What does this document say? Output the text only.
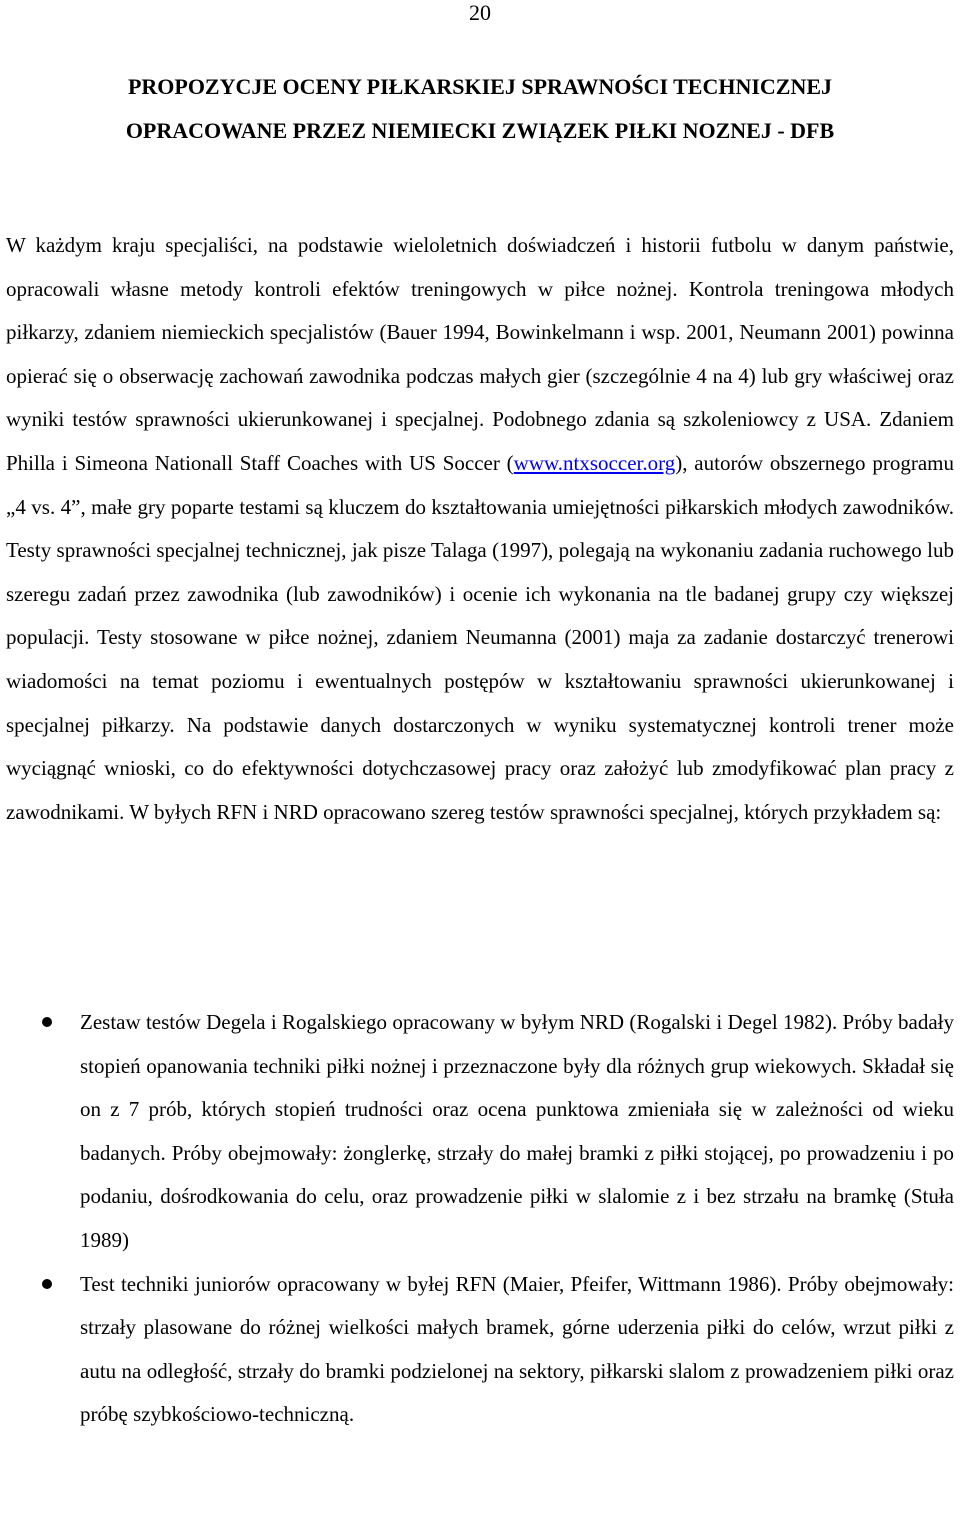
20
PROPOZYCJE OCENY PIŁKARSKIEJ SPRAWNOŚCI TECHNICZNEJ
OPRACOWANE PRZEZ NIEMIECKI ZWIĄZEK PIŁKI NOZNEJ - DFB

W każdym kraju specjaliści, na podstawie wieloletnich doświadczeń i historii futbolu w danym państwie, opracowali własne metody kontroli efektów treningowych w piłce nożnej. Kontrola treningowa młodych piłkarzy, zdaniem niemieckich specjalistów (Bauer 1994, Bowinkelmann i wsp. 2001, Neumann 2001) powinna opierać się o obserwację zachowań zawodnika podczas małych gier (szczególnie 4 na 4) lub gry właściwej oraz wyniki testów sprawności ukierunkowanej i specjalnej. Podobnego zdania są szkoleniowcy z USA. Zdaniem Philla i Simeona Nationall Staff Coaches with US Soccer (www.ntxsoccer.org), autorów obszernego programu „4 vs. 4”, małe gry poparte testami są kluczem do kształtowania umiejętności piłkarskich młodych zawodników. Testy sprawności specjalnej technicznej, jak pisze Talaga (1997), polegają na wykonaniu zadania ruchowego lub szeregu zadań przez zawodnika (lub zawodników) i ocenie ich wykonania na tle badanej grupy czy większej populacji. Testy stosowane w piłce nożnej, zdaniem Neumanna (2001) maja za zadanie dostarczyć trenerowi wiadomości na temat poziomu i ewentualnych postępów w kształtowaniu sprawności ukierunkowanej i specjalnej piłkarzy. Na podstawie danych dostarczonych w wyniku systematycznej kontroli trener może wyciągnąć wnioski, co do efektywności dotychczasowej pracy oraz założyć lub zmodyfikować plan pracy z zawodnikami. W byłych RFN i NRD opracowano szereg testów sprawności specjalnej, których przykładem są:

Zestaw testów Degela i Rogalskiego opracowany w byłym NRD (Rogalski i Degel 1982). Próby badały stopień opanowania techniki piłki nożnej i przeznaczone były dla różnych grup wiekowych. Składał się on z 7 prób, których stopień trudności oraz ocena punktowa zmieniała się w zależności od wieku badanych. Próby obejmowały: żonglerkę, strzały do małej bramki z piłki stojącej, po prowadzeniu i po podaniu, dośrodkowania do celu, oraz prowadzenie piłki w slalomie z i bez strzału na bramkę (Stuła 1989)
Test techniki juniorów opracowany w byłej RFN (Maier, Pfeifer, Wittmann 1986). Próby obejmowały: strzały plasowane do różnej wielkości małych bramek, górne uderzenia piłki do celów, wrzut piłki z autu na odległość, strzały do bramki podzielonej na sektory, piłkarski slalom z prowadzeniem piłki oraz próbę szybkościowo-techniczną.
